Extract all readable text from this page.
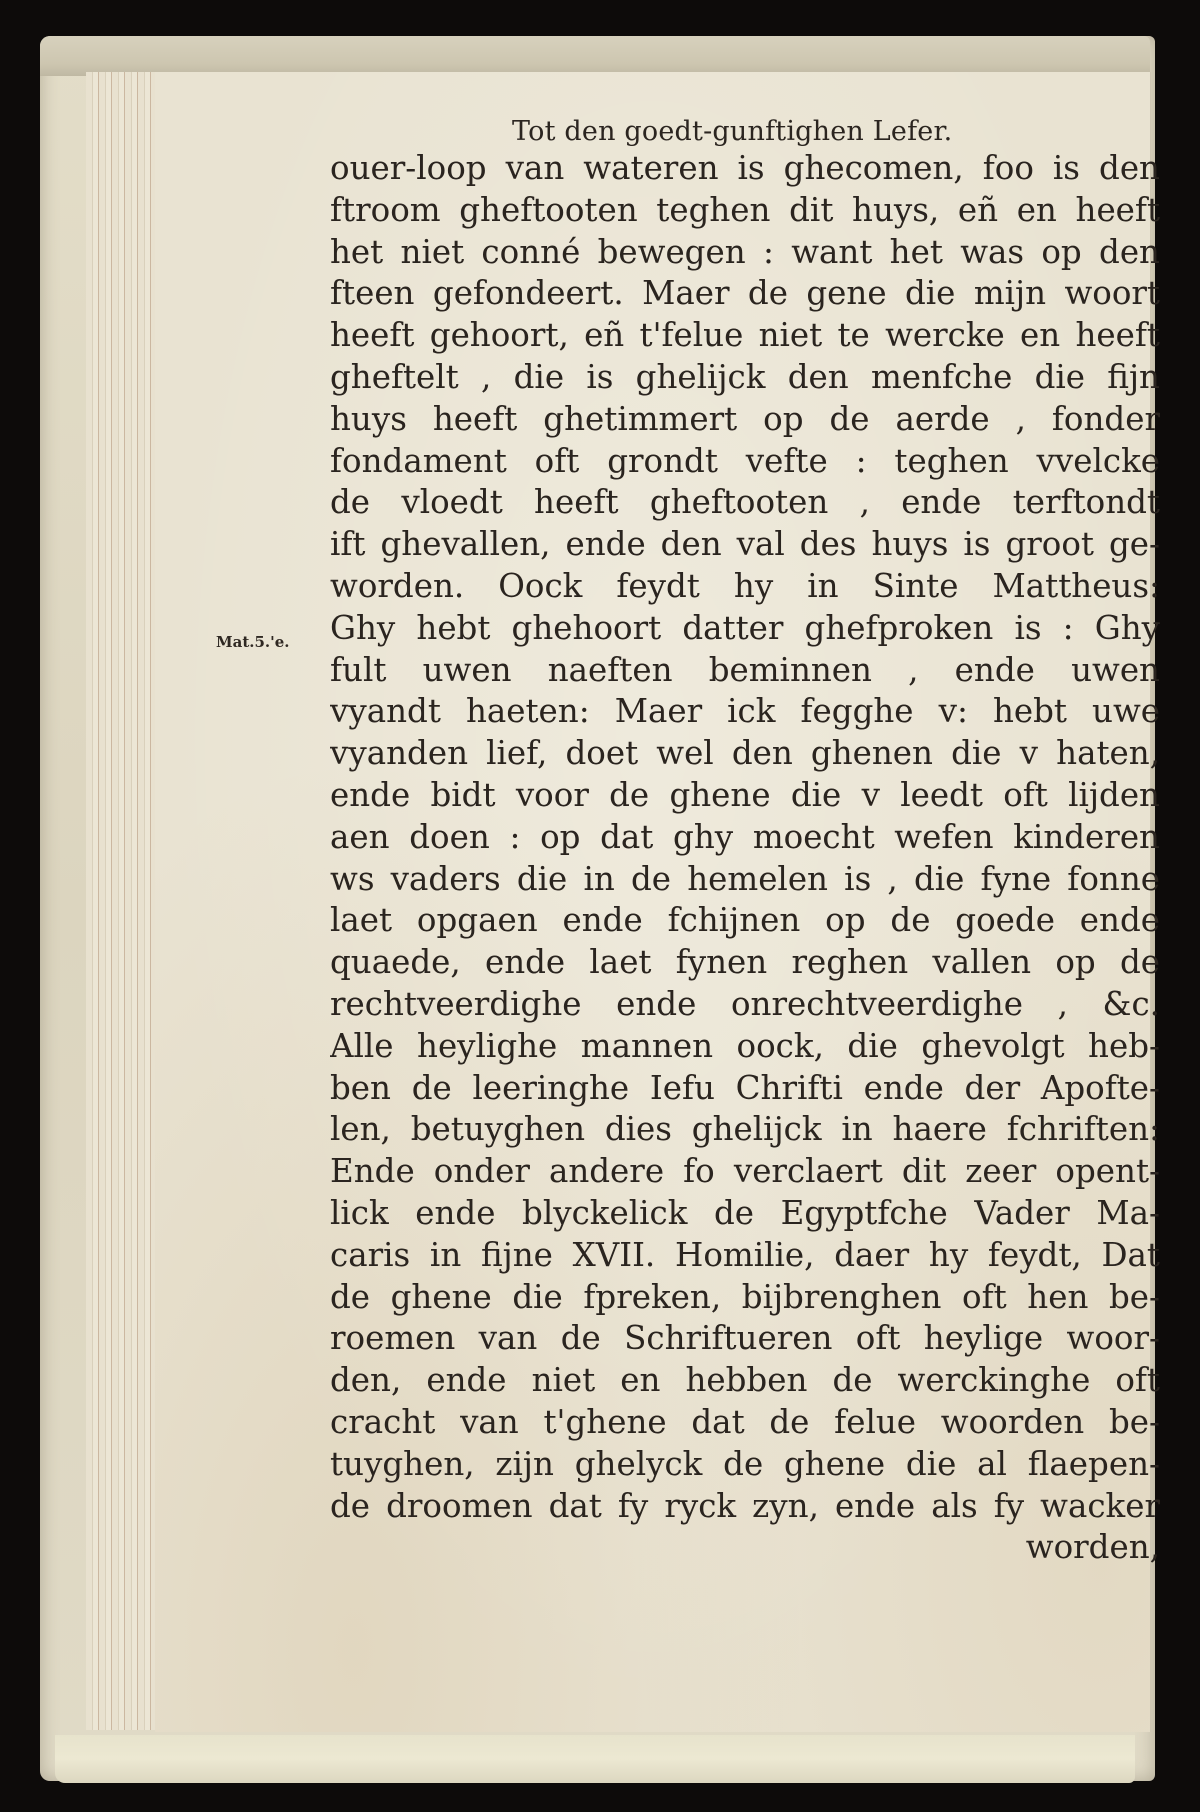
Tot den goedt-gunftighen Lefer.
Mat.5.'e.
ouer-loop van wateren is ghecomen, foo is den
ftroom gheftooten teghen dit huys, eñ en heeft
het niet conné bewegen : want het was op den
fteen gefondeert. Maer de gene die mijn woort
heeft gehoort, eñ t'felue niet te wercke en heeft
gheftelt , die is ghelijck den menfche die fijn
huys heeft ghetimmert op de aerde , fonder
fondament oft grondt vefte : teghen vvelcke
de vloedt heeft gheftooten , ende terftondt
ift ghevallen, ende den val des huys is groot ge-
worden. Oock feydt hy in Sinte Mattheus:
Ghy hebt ghehoort datter ghefproken is : Ghy
fult uwen naeften beminnen , ende uwen
vyandt haeten: Maer ick fegghe v: hebt uwe
vyanden lief, doet wel den ghenen die v haten,
ende bidt voor de ghene die v leedt oft lijden
aen doen : op dat ghy moecht wefen kinderen
ws vaders die in de hemelen is , die fyne fonne
laet opgaen ende fchijnen op de goede ende
quaede, ende laet fynen reghen vallen op de
rechtveerdighe ende onrechtveerdighe , &c.
Alle heylighe mannen oock, die ghevolgt heb-
ben de leeringhe Iefu Chrifti ende der Apofte-
len, betuyghen dies ghelijck in haere fchriften:
Ende onder andere fo verclaert dit zeer opent-
lick ende blyckelick de Egyptfche Vader Ma-
caris in fijne XVII. Homilie, daer hy feydt, Dat
de ghene die fpreken, bijbrenghen oft hen be-
roemen van de Schriftueren oft heylige woor-
den, ende niet en hebben de werckinghe oft
cracht van t'ghene dat de felue woorden be-
tuyghen, zijn ghelyck de ghene die al flaepen-
de droomen dat fy ryck zyn, ende als fy wacker
worden,
